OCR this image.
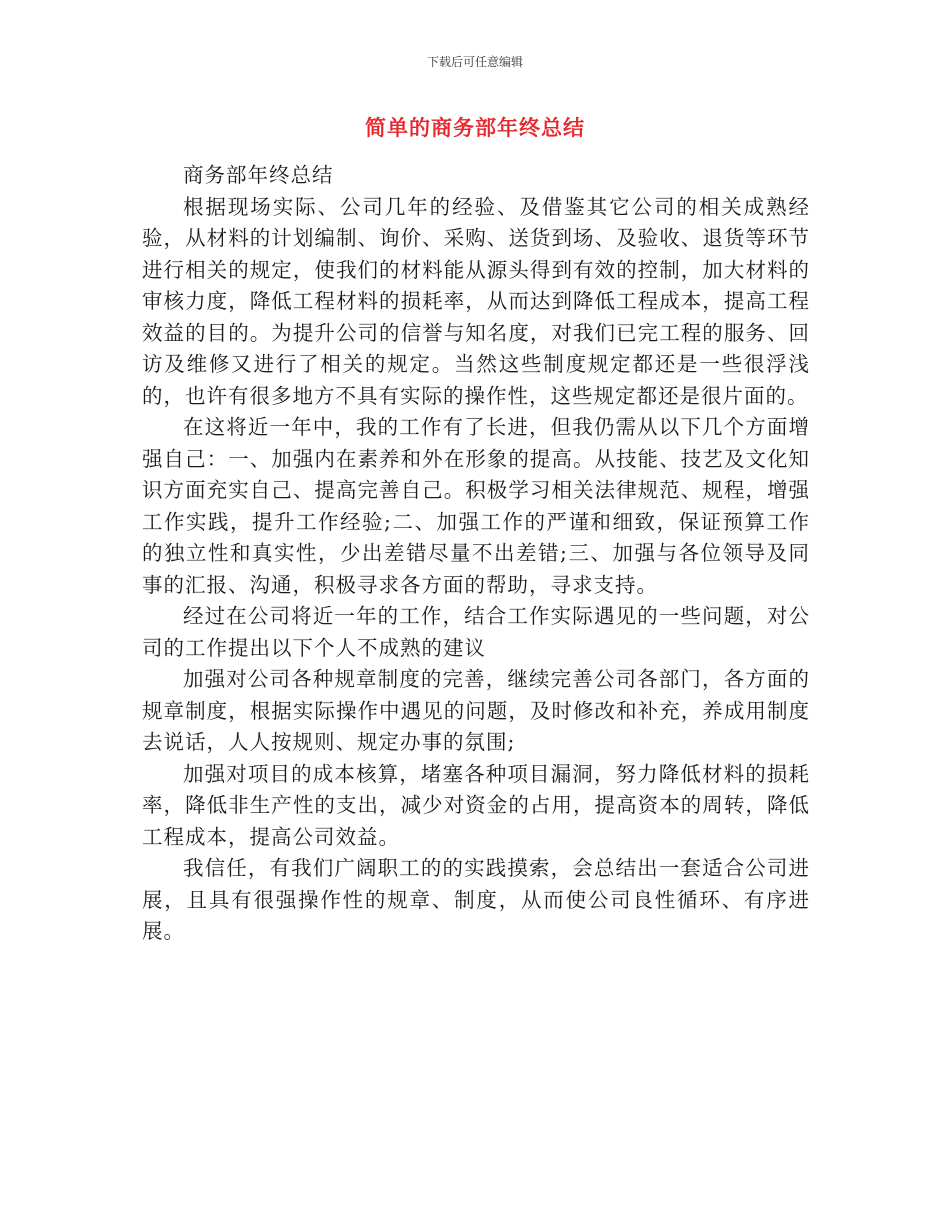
下载后可任意编辑
简单的商务部年终总结

商务部年终总结

根据现场实际、公司几年的经验、及借鉴其它公司的相关成熟经验，从材料的计划编制、询价、采购、送货到场、及验收、退货等环节进行相关的规定，使我们的材料能从源头得到有效的控制，加大材料的审核力度，降低工程材料的损耗率，从而达到降低工程成本，提高工程效益的目的。为提升公司的信誉与知名度，对我们已完工程的服务、回访及维修又进行了相关的规定。当然这些制度规定都还是一些很浮浅的，也许有很多地方不具有实际的操作性，这些规定都还是很片面的。

在这将近一年中，我的工作有了长进，但我仍需从以下几个方面增强自己：一、加强内在素养和外在形象的提高。从技能、技艺及文化知识方面充实自己、提高完善自己。积极学习相关法律规范、规程，增强工作实践，提升工作经验;二、加强工作的严谨和细致，保证预算工作的独立性和真实性，少出差错尽量不出差错;三、加强与各位领导及同事的汇报、沟通，积极寻求各方面的帮助，寻求支持。

经过在公司将近一年的工作，结合工作实际遇见的一些问题，对公司的工作提出以下个人不成熟的建议

加强对公司各种规章制度的完善，继续完善公司各部门，各方面的规章制度，根据实际操作中遇见的问题，及时修改和补充，养成用制度去说话，人人按规则、规定办事的氛围;

加强对项目的成本核算，堵塞各种项目漏洞，努力降低材料的损耗率，降低非生产性的支出，减少对资金的占用，提高资本的周转，降低工程成本，提高公司效益。

我信任，有我们广阔职工的的实践摸索，会总结出一套适合公司进展，且具有很强操作性的规章、制度，从而使公司良性循环、有序进展。
